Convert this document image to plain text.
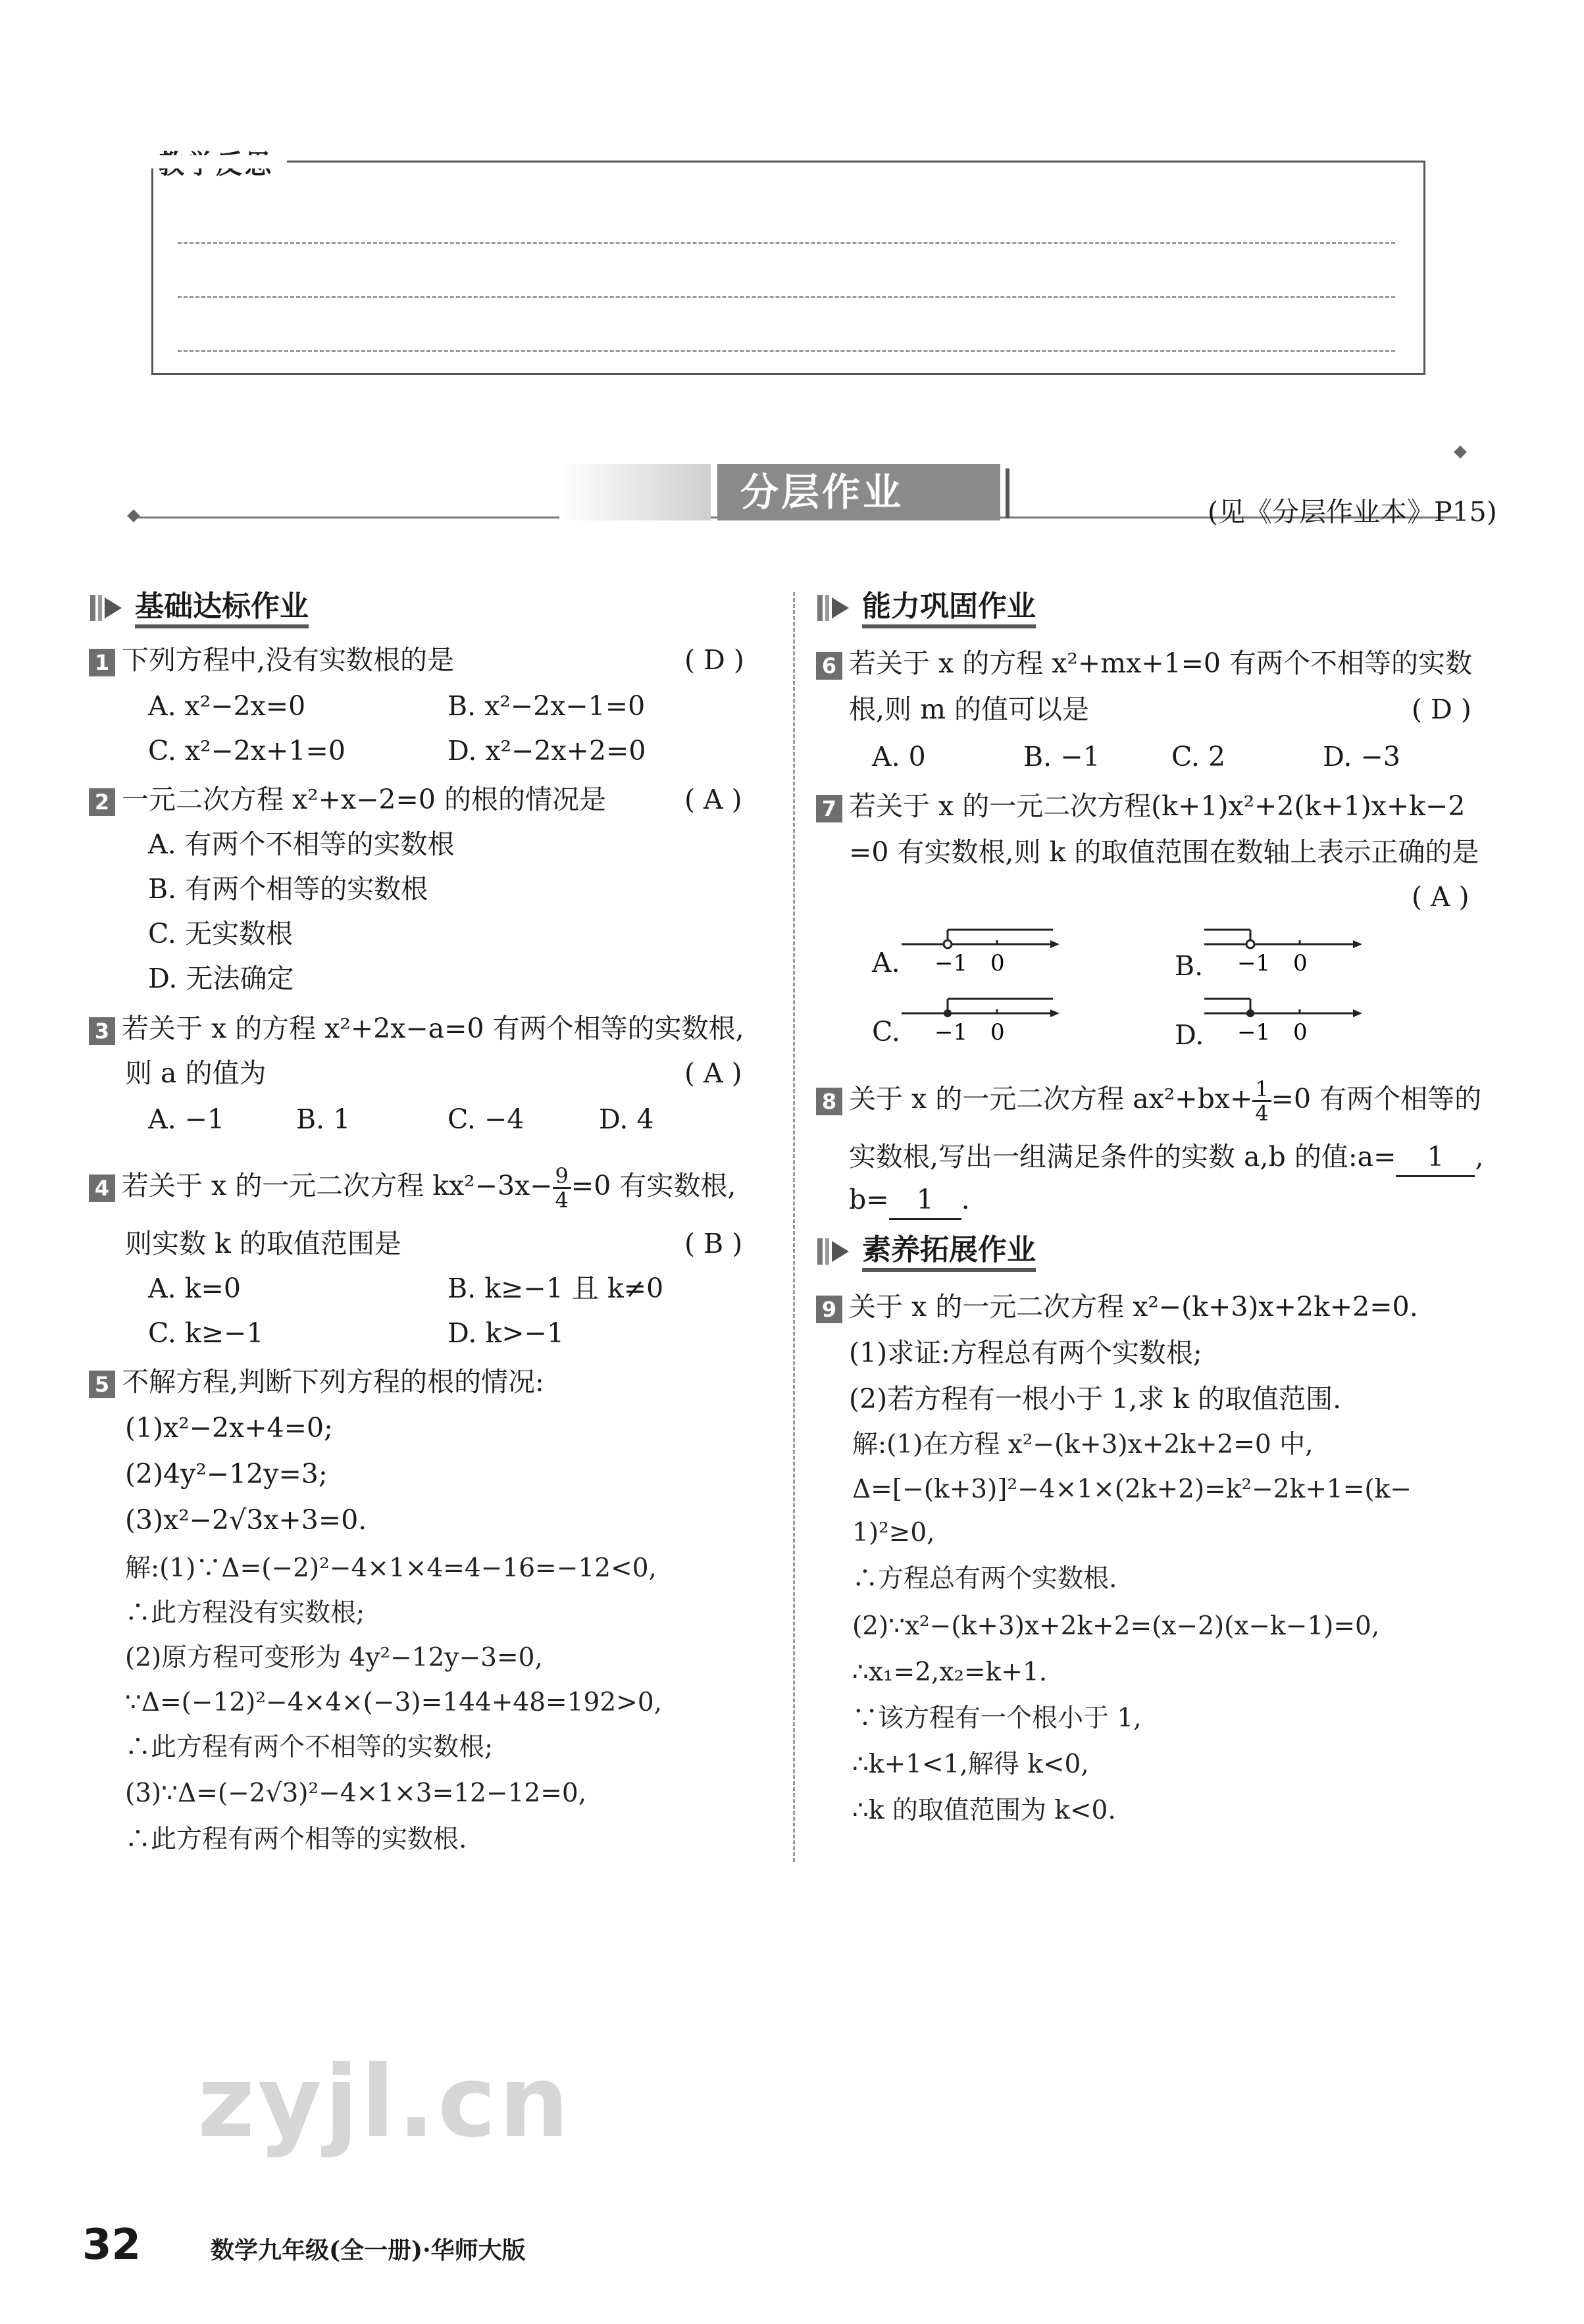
分层作业	(见《分层作业本》P15)
基础达标作业
1 下列方程中,没有实数根的是	( D )
A. x²−2x=0	B. x²−2x−1=0
C. x²−2x+1=0	D. x²−2x+2=0
2 一元二次方程 x²+x−2=0 的根的情况是	( A )
A. 有两个不相等的实数根
B. 有两个相等的实数根
C. 无实数根
D. 无法确定
3 若关于 x 的方程 x²+2x−a=0 有两个相等的实数根,
则 a 的值为	( A )
A. −1	B. 1	C. −4	D. 4
4 若关于 x 的一元二次方程 $kx^2-3x- \frac{9}{4} =0$ 有实数根,
则实数 k 的取值范围是	( B )
A. k=0	B. k≥−1 且 k≠0
C. k≥−1	D. k>−1
5 不解方程,判断下列方程的根的情况:
(1)x²−2x+4=0;
(2)4y²−12y=3;
(3)x²−2√3x+3=0.
解:(1)∵Δ=(−2)²−4×1×4=4−16=−12<0,
∴此方程没有实数根;
(2)原方程可变形为 4y²−12y−3=0,
∵Δ=(−12)²−4×4×(−3)=144+48=192>0,
∴此方程有两个不相等的实数根;
(3)∵Δ=(−2√3)²−4×1×3=12−12=0,
∴此方程有两个相等的实数根.
能力巩固作业
6 若关于 x 的方程 x²+mx+1=0 有两个不相等的实数
根,则 m 的值可以是	( D )
A. 0	B. −1	C. 2	D. −3
7 若关于 x 的一元二次方程(k+1)x²+2(k+1)x+k−2
=0 有实数根,则 k 的取值范围在数轴上表示正确的是
( A )
A. −1 0	B. −1 0
C. −1 0	D. −1 0
8 关于 x 的一元二次方程 $ax^2+bx+ \frac{1}{4} =0$ 有两个相等的
实数根,写出一组满足条件的实数 a,b 的值:a= 1 ,
b= 1 .
素养拓展作业
9 关于 x 的一元二次方程 x²−(k+3)x+2k+2=0.
(1)求证:方程总有两个实数根;
(2)若方程有一根小于 1,求 k 的取值范围.
解:(1)在方程 x²−(k+3)x+2k+2=0 中,
Δ=[−(k+3)]²−4×1×(2k+2)=k²−2k+1=(k−
1)²≥0,
∴方程总有两个实数根.
(2)∵x²−(k+3)x+2k+2=(x−2)(x−k−1)=0,
∴x₁=2,x₂=k+1.
∵该方程有一个根小于 1,
∴k+1<1,解得 k<0,
∴k 的取值范围为 k<0.
zyjl.cn
32	数学九年级(全一册)·华师大版
